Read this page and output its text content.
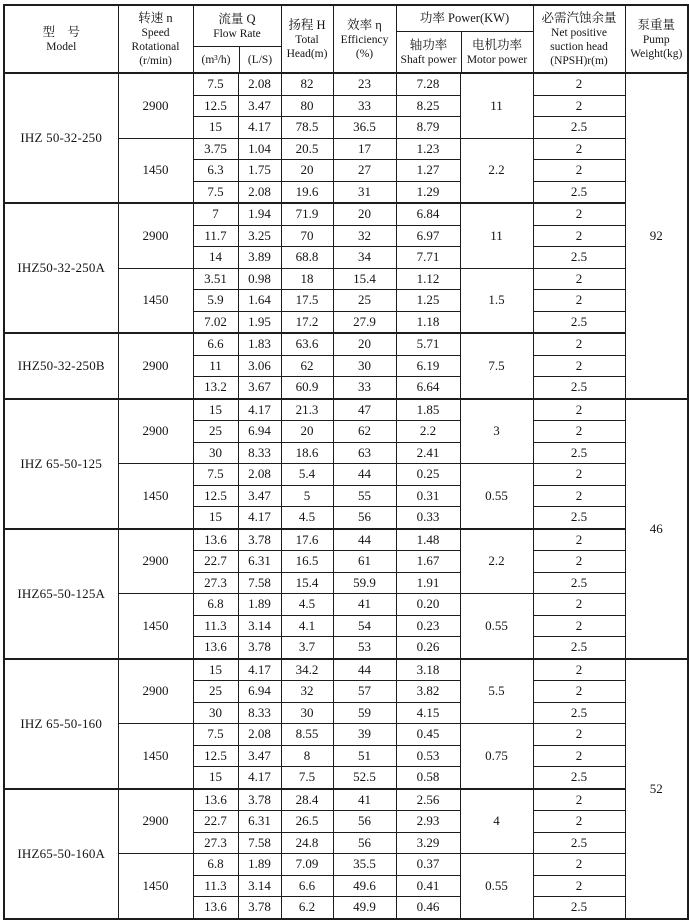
型　号
Model

转速 n
Speed
Rotational
(r/min)

流量 Q
Flow Rate
(m³/h)	(L/S)

扬程 H
Total
Head(m)

效率 η
Efficiency
(%)

功率 Power(KW)
轴功率
Shaft power
电机功率
Motor power

必需汽蚀余量
Net positive
suction head
(NPSH)r(m)

泵重量
Pump
Weight(kg)

IHZ 50-32-250	2900	7.5	2.08	82	23	7.28	11	2	92
		12.5	3.47	80	33	8.25		2	
		15	4.17	78.5	36.5	8.79		2.5	
	1450	3.75	1.04	20.5	17	1.23	2.2	2	
		6.3	1.75	20	27	1.27		2	
		7.5	2.08	19.6	31	1.29		2.5	
IHZ50-32-250A	2900	7	1.94	71.9	20	6.84	11	2	
		11.7	3.25	70	32	6.97		2	
		14	3.89	68.8	34	7.71		2.5	
	1450	3.51	0.98	18	15.4	1.12	1.5	2	
		5.9	1.64	17.5	25	1.25		2	
		7.02	1.95	17.2	27.9	1.18		2.5	
IHZ50-32-250B	2900	6.6	1.83	63.6	20	5.71	7.5	2	
		11	3.06	62	30	6.19		2	
		13.2	3.67	60.9	33	6.64		2.5	
IHZ 65-50-125	2900	15	4.17	21.3	47	1.85	3	2	46
		25	6.94	20	62	2.2		2	
		30	8.33	18.6	63	2.41		2.5	
	1450	7.5	2.08	5.4	44	0.25	0.55	2	
		12.5	3.47	5	55	0.31		2	
		15	4.17	4.5	56	0.33		2.5	
IHZ65-50-125A	2900	13.6	3.78	17.6	44	1.48	2.2	2	
		22.7	6.31	16.5	61	1.67		2	
		27.3	7.58	15.4	59.9	1.91		2.5	
	1450	6.8	1.89	4.5	41	0.20	0.55	2	
		11.3	3.14	4.1	54	0.23		2	
		13.6	3.78	3.7	53	0.26		2.5	
IHZ 65-50-160	2900	15	4.17	34.2	44	3.18	5.5	2	52
		25	6.94	32	57	3.82		2	
		30	8.33	30	59	4.15		2.5	
	1450	7.5	2.08	8.55	39	0.45	0.75	2	
		12.5	3.47	8	51	0.53		2	
		15	4.17	7.5	52.5	0.58		2.5	
IHZ65-50-160A	2900	13.6	3.78	28.4	41	2.56	4	2	
		22.7	6.31	26.5	56	2.93		2	
		27.3	7.58	24.8	56	3.29		2.5	
	1450	6.8	1.89	7.09	35.5	0.37	0.55	2	
		11.3	3.14	6.6	49.6	0.41		2	
		13.6	3.78	6.2	49.9	0.46		2.5	
